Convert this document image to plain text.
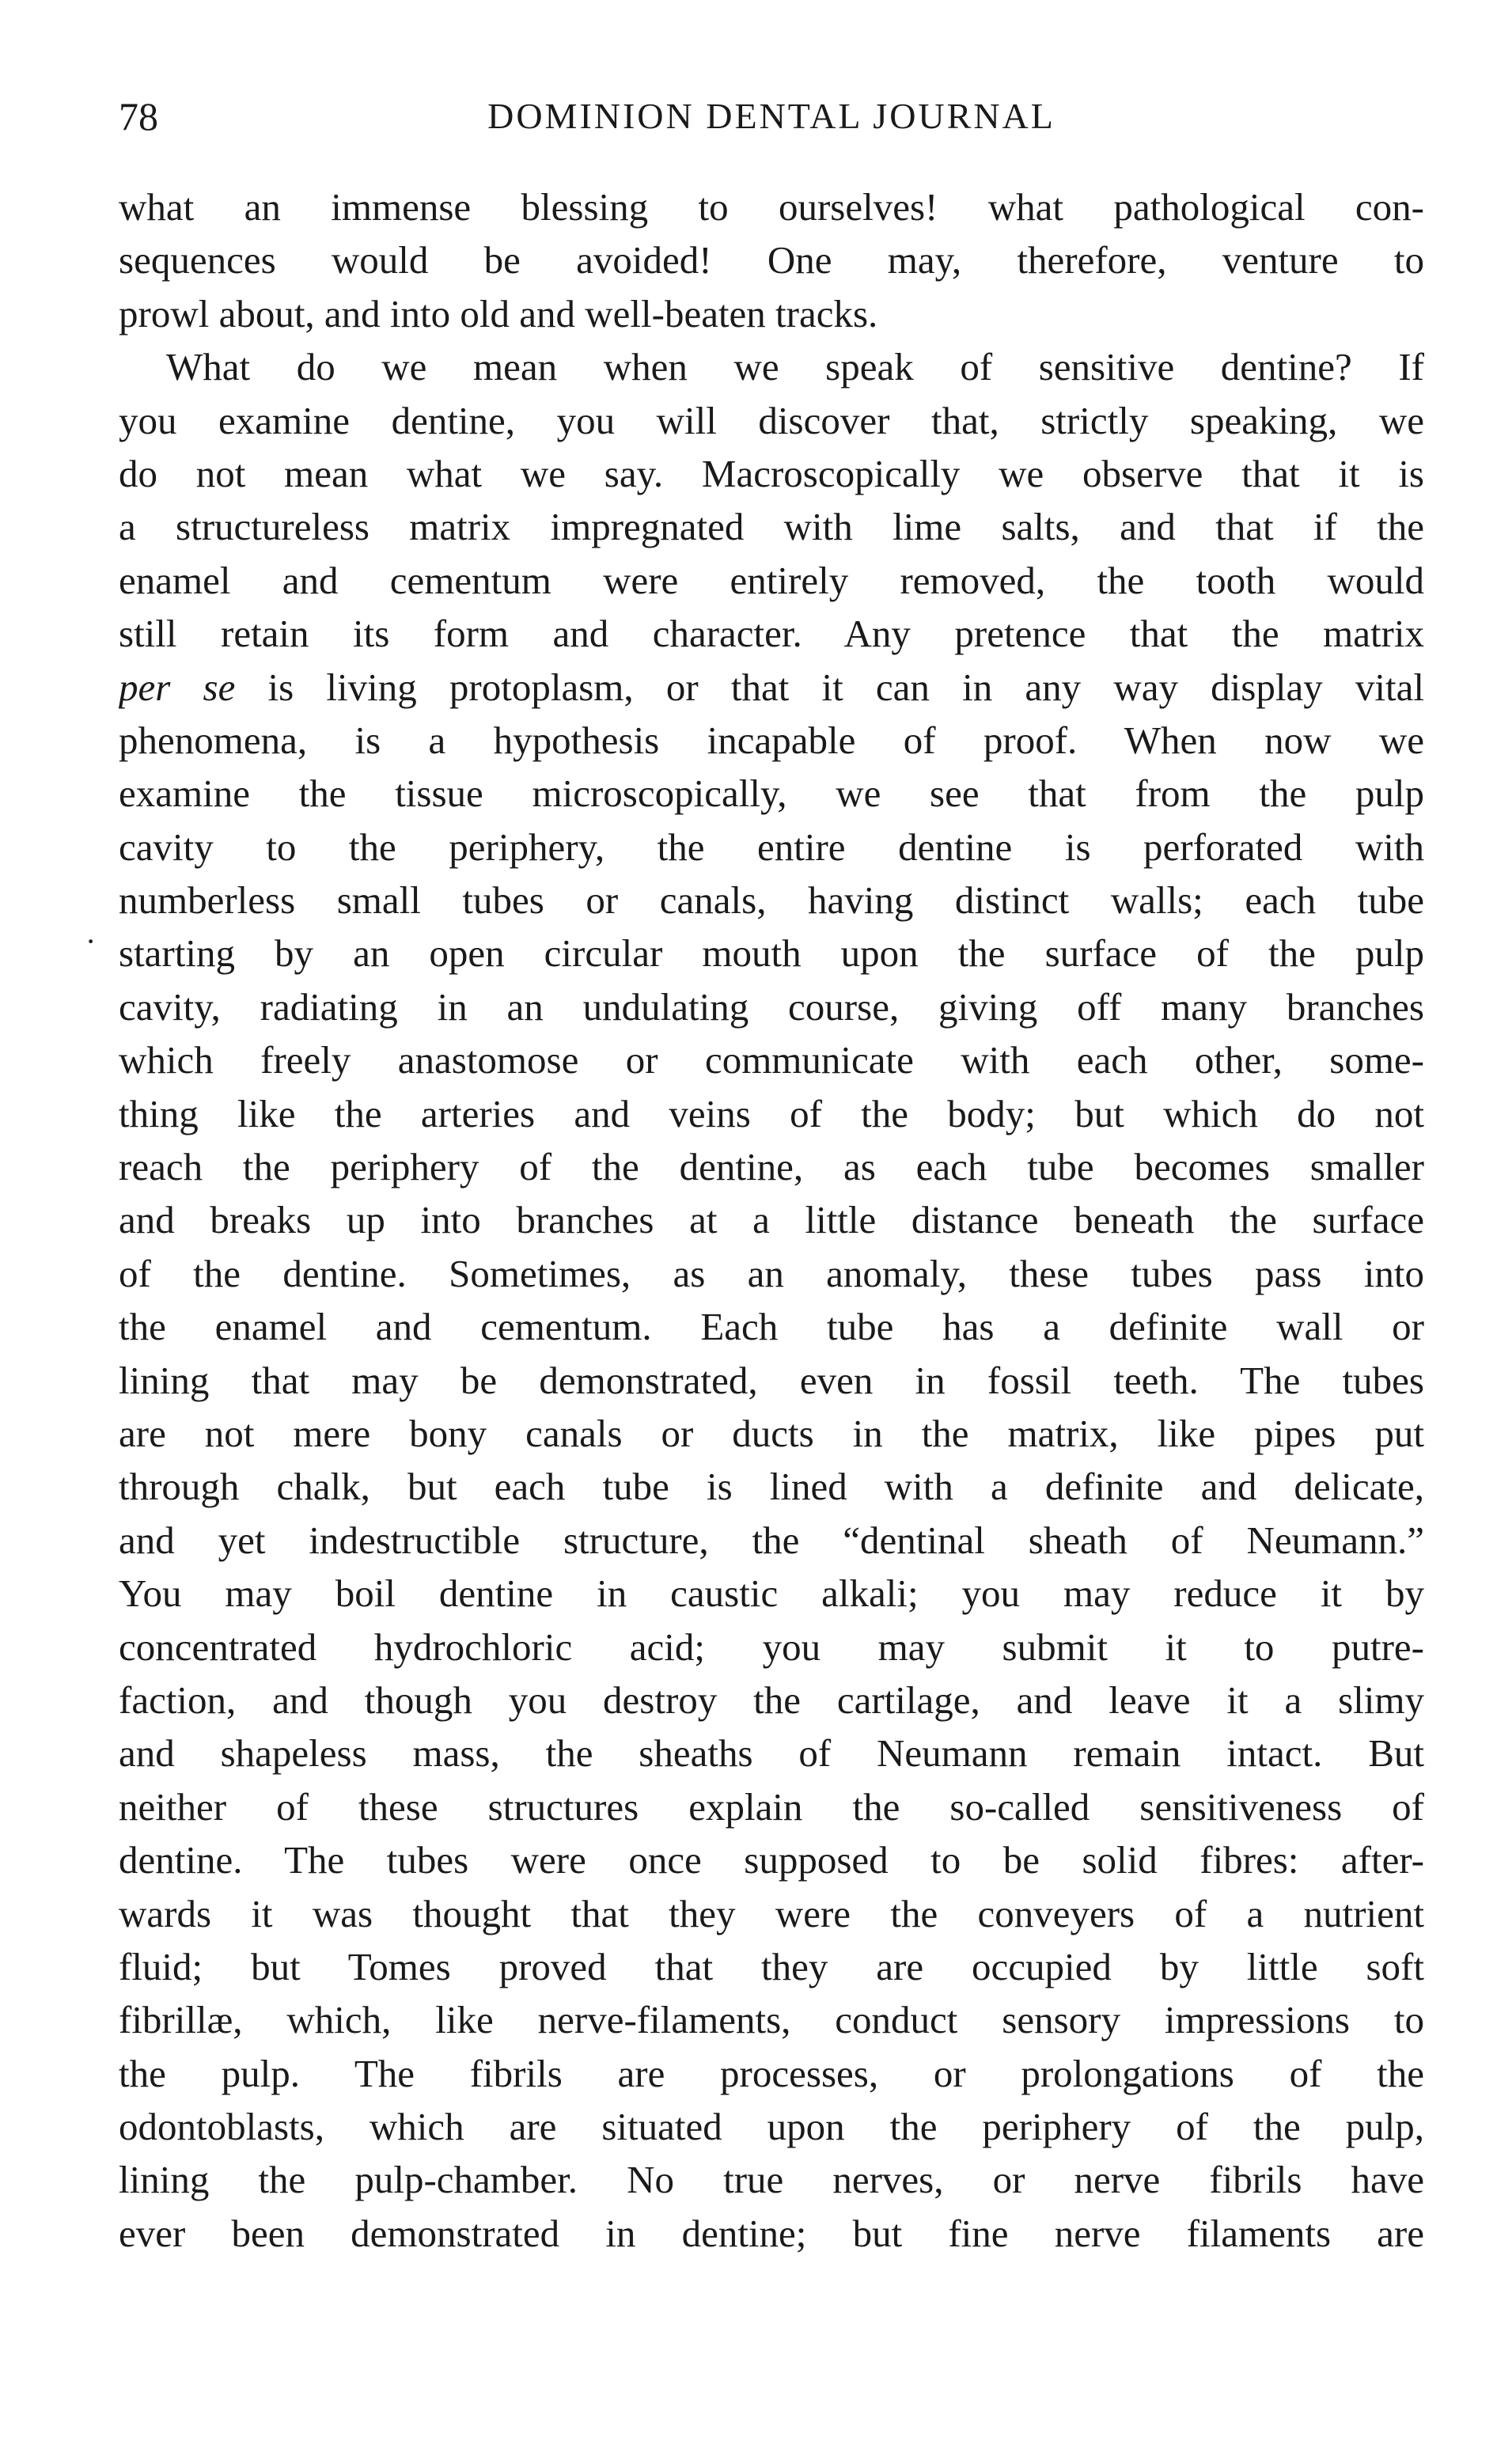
78	DOMINION DENTAL JOURNAL
·
what an immense blessing to ourselves! what pathological con-
sequences would be avoided! One may, therefore, venture to
prowl about, and into old and well-beaten tracks.
What do we mean when we speak of sensitive dentine? If
you examine dentine, you will discover that, strictly speaking, we
do not mean what we say. Macroscopically we observe that it is
a structureless matrix impregnated with lime salts, and that if the
enamel and cementum were entirely removed, the tooth would
still retain its form and character. Any pretence that the matrix
per se is living protoplasm, or that it can in any way display vital
phenomena, is a hypothesis incapable of proof. When now we
examine the tissue microscopically, we see that from the pulp
cavity to the periphery, the entire dentine is perforated with
numberless small tubes or canals, having distinct walls; each tube
starting by an open circular mouth upon the surface of the pulp
cavity, radiating in an undulating course, giving off many branches
which freely anastomose or communicate with each other, some-
thing like the arteries and veins of the body; but which do not
reach the periphery of the dentine, as each tube becomes smaller
and breaks up into branches at a little distance beneath the surface
of the dentine. Sometimes, as an anomaly, these tubes pass into
the enamel and cementum. Each tube has a definite wall or
lining that may be demonstrated, even in fossil teeth. The tubes
are not mere bony canals or ducts in the matrix, like pipes put
through chalk, but each tube is lined with a definite and delicate,
and yet indestructible structure, the “dentinal sheath of Neumann.”
You may boil dentine in caustic alkali; you may reduce it by
concentrated hydrochloric acid; you may submit it to putre-
faction, and though you destroy the cartilage, and leave it a slimy
and shapeless mass, the sheaths of Neumann remain intact. But
neither of these structures explain the so-called sensitiveness of
dentine. The tubes were once supposed to be solid fibres: after-
wards it was thought that they were the conveyers of a nutrient
fluid; but Tomes proved that they are occupied by little soft
fibrillæ, which, like nerve-filaments, conduct sensory impressions to
the pulp. The fibrils are processes, or prolongations of the
odontoblasts, which are situated upon the periphery of the pulp,
lining the pulp-chamber. No true nerves, or nerve fibrils have
ever been demonstrated in dentine; but fine nerve filaments are
